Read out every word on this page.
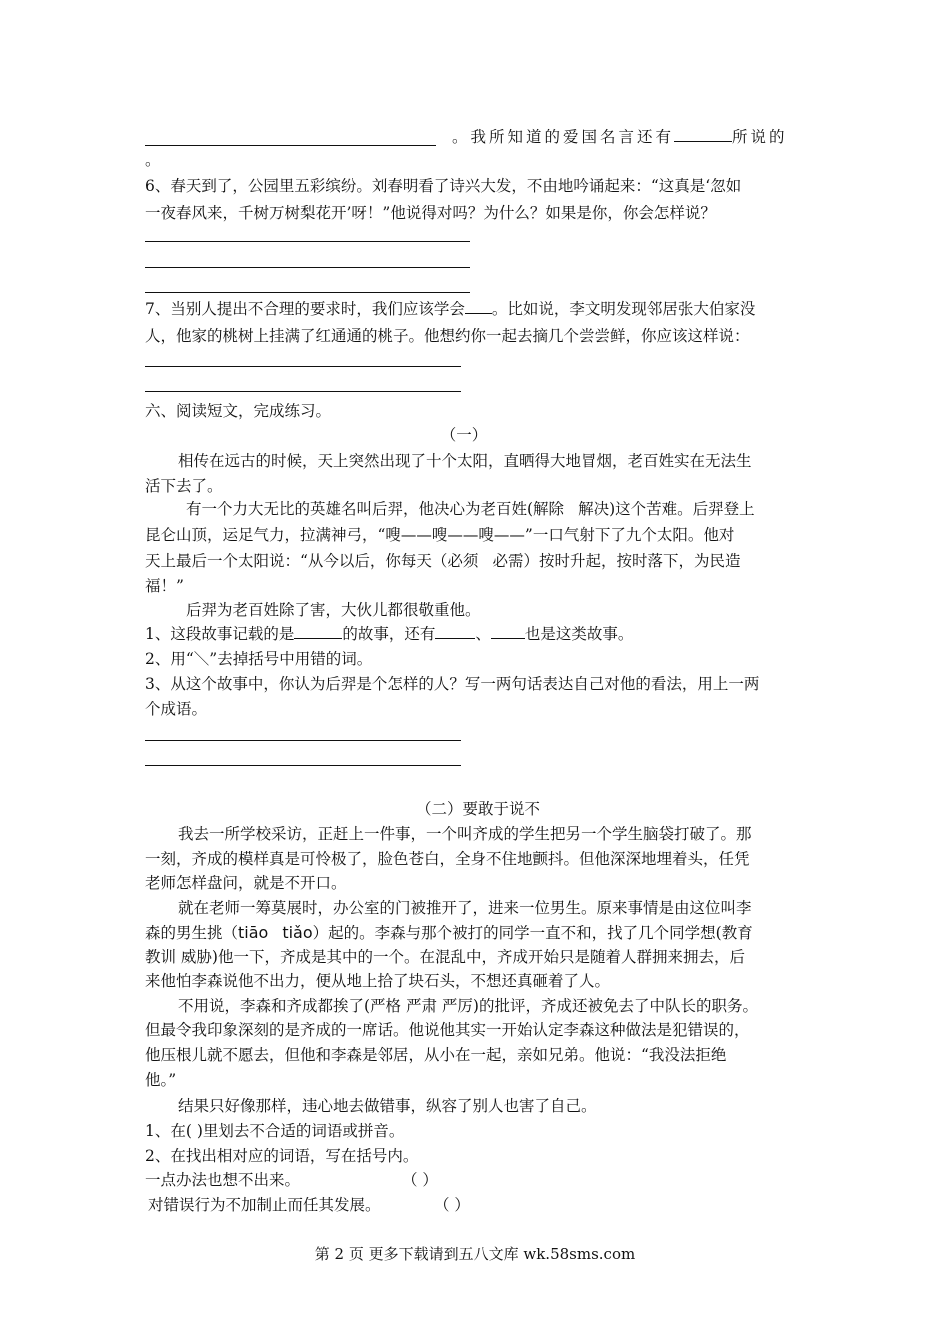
。我所知道的爱国名言还有	所说的
。
6、春天到了，公园里五彩缤纷。刘春明看了诗兴大发，不由地吟诵起来：“这真是‘忽如
一夜春风来，千树万树梨花开’呀！”他说得对吗？为什么？如果是你，你会怎样说？
7、当别人提出不合理的要求时，我们应该学会 。比如说，李文明发现邻居张大伯家没
人，他家的桃树上挂满了红通通的桃子。他想约你一起去摘几个尝尝鲜，你应该这样说：
六、阅读短文，完成练习。
（一）
相传在远古的时候，天上突然出现了十个太阳，直晒得大地冒烟，老百姓实在无法生
活下去了。
有一个力大无比的英雄名叫后羿，他决心为老百姓(解除 解决)这个苦难。后羿登上
昆仑山顶，运足气力，拉满神弓，“嗖——嗖——嗖——”一口气射下了九个太阳。他对
天上最后一个太阳说：“从今以后，你每天（必须 必需）按时升起，按时落下，为民造
福！”
后羿为老百姓除了害，大伙儿都很敬重他。
1、这段故事记载的是	的故事，还有	、 也是这类故事。
2、用“＼”去掉括号中用错的词。
3、从这个故事中，你认为后羿是个怎样的人？写一两句话表达自己对他的看法，用上一两
个成语。
（二）要敢于说不
我去一所学校采访，正赶上一件事，一个叫齐成的学生把另一个学生脑袋打破了。那
一刻，齐成的模样真是可怜极了，脸色苍白，全身不住地颤抖。但他深深地埋着头，任凭
老师怎样盘问，就是不开口。
就在老师一筹莫展时，办公室的门被推开了，进来一位男生。原来事情是由这位叫李
森的男生挑（tiāo tiǎo）起的。李森与那个被打的同学一直不和，找了几个同学想(教育
教训 威胁)他一下，齐成是其中的一个。在混乱中，齐成开始只是随着人群拥来拥去，后
来他怕李森说他不出力，便从地上拾了块石头，不想还真砸着了人。
不用说，李森和齐成都挨了(严格 严肃 严厉)的批评，齐成还被免去了中队长的职务。
但最令我印象深刻的是齐成的一席话。他说他其实一开始认定李森这种做法是犯错误的，
他压根儿就不愿去，但他和李森是邻居，从小在一起，亲如兄弟。他说：“我没法拒绝
他。”
结果只好像那样，违心地去做错事，纵容了别人也害了自己。
1、在( )里划去不合适的词语或拼音。
2、在找出相对应的词语，写在括号内。
一点办法也想不出来。	（ ）
对错误行为不加制止而任其发展。	（ ）
第 2 页 更多下载请到五八文库 wk.58sms.com
